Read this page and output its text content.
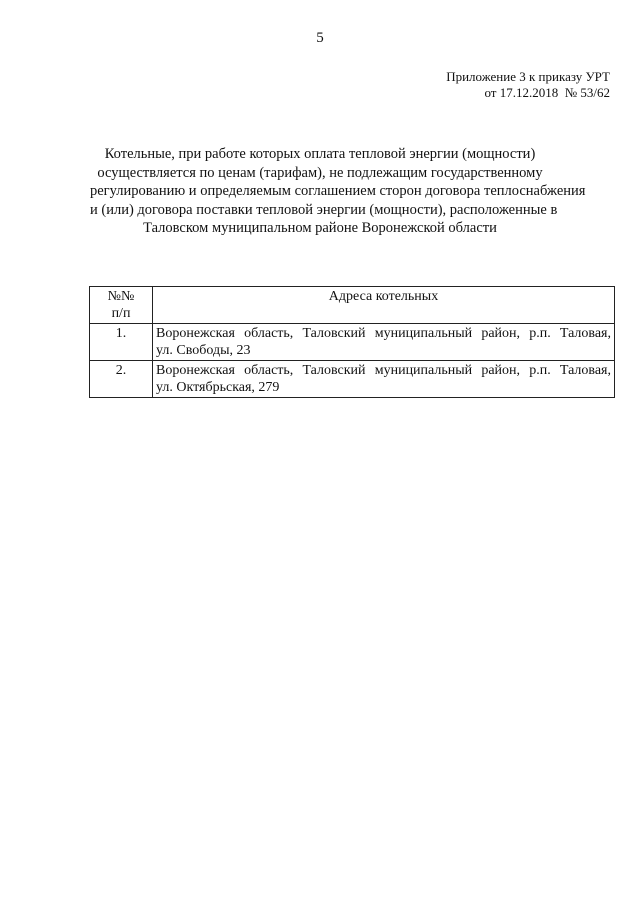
5
Приложение 3 к приказу УРТ
от 17.12.2018  № 53/62
Котельные, при работе которых оплата тепловой энергии (мощности)
осуществляется по ценам (тарифам), не подлежащим государственному
регулированию и определяемым соглашением сторон договора теплоснабжения
и (или) договора поставки тепловой энергии (мощности), расположенные в
Таловском муниципальном районе Воронежской области
№№
п/п	Адреса котельных
1.	Воронежская область, Таловский муниципальный район, р.п. Таловая,
ул. Свободы, 23

2.	Воронежская область, Таловский муниципальный район, р.п. Таловая,
ул. Октябрьская, 279
